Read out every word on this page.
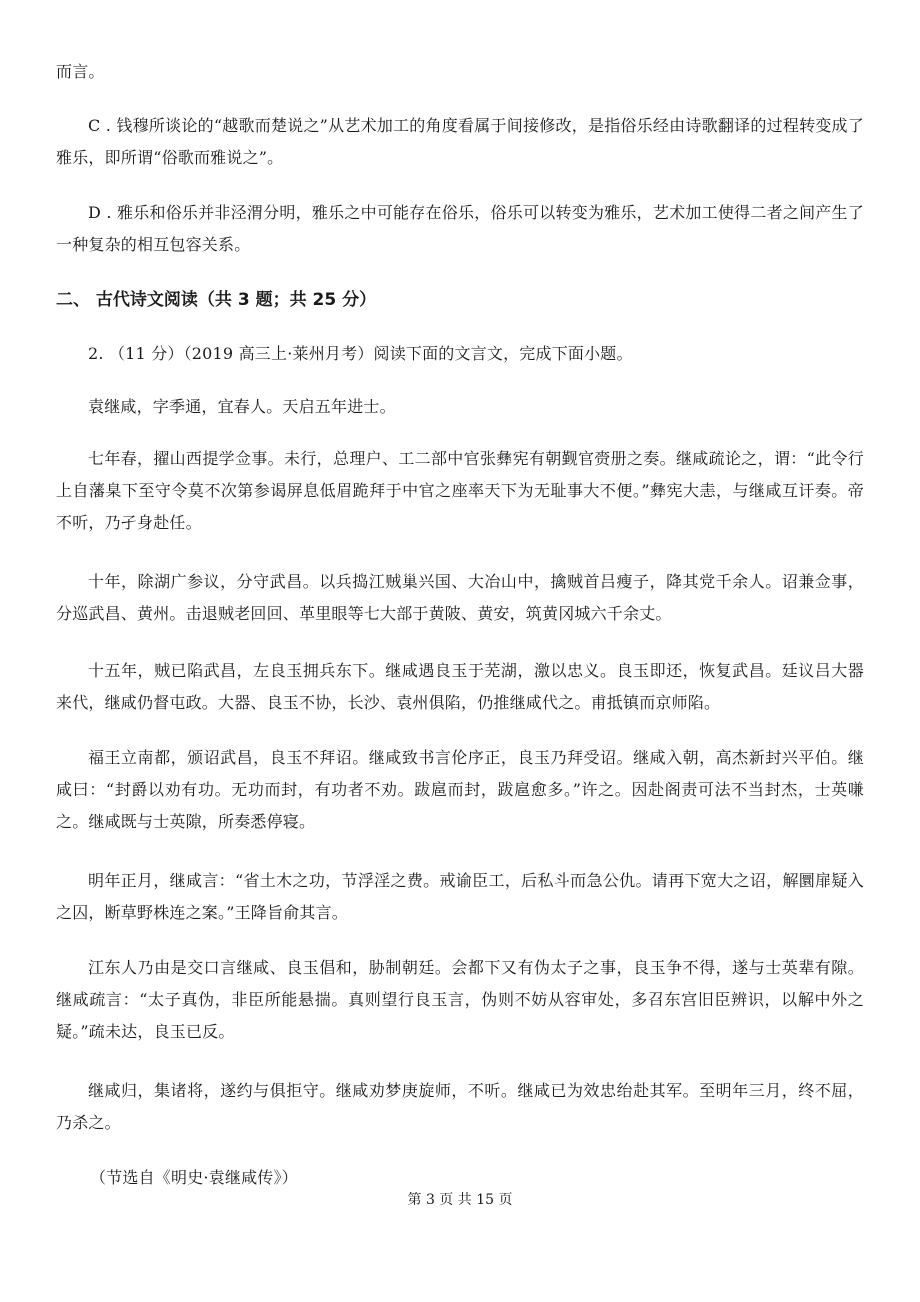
而言。

C . 钱穆所谈论的“越歌而楚说之”从艺术加工的角度看属于间接修改，是指俗乐经由诗歌翻译的过程转变成了雅乐，即所谓“俗歌而雅说之”。

D . 雅乐和俗乐并非泾渭分明，雅乐之中可能存在俗乐，俗乐可以转变为雅乐，艺术加工使得二者之间产生了一种复杂的相互包容关系。

二、 古代诗文阅读（共 3 题；共 25 分）

2. （11 分）（2019 高三上·莱州月考）阅读下面的文言文，完成下面小题。

袁继咸，字季通，宜春人。天启五年进士。

七年春，擢山西提学佥事。未行，总理户、工二部中官张彝宪有朝觐官赍册之奏。继咸疏论之，谓：“此令行上自藩臬下至守令莫不次第参谒屏息低眉跪拜于中官之座率天下为无耻事大不便。”彝宪大恚，与继咸互讦奏。帝不听，乃孑身赴任。

十年，除湖广参议，分守武昌。以兵捣江贼巢兴国、大冶山中，擒贼首吕瘦子，降其党千余人。诏兼佥事，分巡武昌、黄州。击退贼老回回、革里眼等七大部于黄陂、黄安，筑黄冈城六千余丈。

十五年，贼已陷武昌，左良玉拥兵东下。继咸遇良玉于芜湖，激以忠义。良玉即还，恢复武昌。廷议吕大器来代，继咸仍督屯政。大器、良玉不协，长沙、袁州俱陷，仍推继咸代之。甫抵镇而京师陷。

福王立南都，颁诏武昌，良玉不拜诏。继咸致书言伦序正，良玉乃拜受诏。继咸入朝，高杰新封兴平伯。继咸曰：“封爵以劝有功。无功而封，有功者不劝。跋扈而封，跋扈愈多。”许之。因赴阁责可法不当封杰，士英嗛之。继咸既与士英隙，所奏悉停寝。

明年正月，继咸言：“省土木之功，节浮淫之费。戒谕臣工，后私斗而急公仇。请再下宽大之诏，解圜扉疑入之囚，断草野株连之案。”王降旨俞其言。

江东人乃由是交口言继咸、良玉倡和，胁制朝廷。会都下又有伪太子之事，良玉争不得，遂与士英辈有隙。继咸疏言：“太子真伪，非臣所能悬揣。真则望行良玉言，伪则不妨从容审处，多召东宫旧臣辨识，以解中外之疑。”疏未达，良玉已反。

继咸归，集诸将，遂约与俱拒守。继咸劝梦庚旋师，不听。继咸已为效忠绐赴其军。至明年三月，终不屈，乃杀之。

（节选自《明史·袁继咸传》）

第 3 页 共 15 页
